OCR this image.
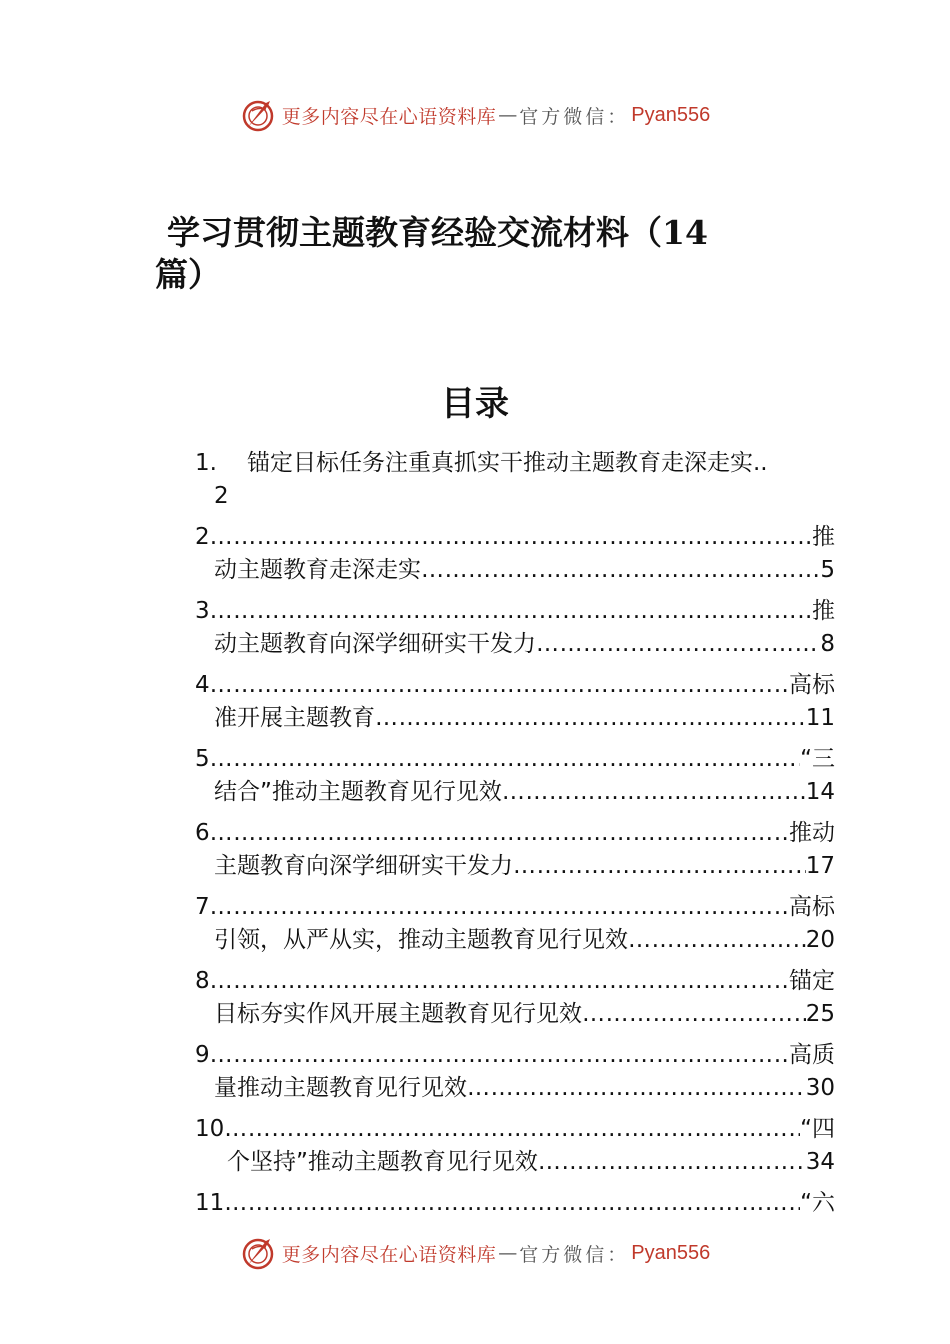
更多内容尽在心语资料库 — 官方微信： Pyan556
学习贯彻主题教育经验交流材料（14
篇）
目录
1. 锚定目标任务注重真抓实干推动主题教育走深走实..
2
2 ……………………………………………………………………………………………………………………………………………………………………………………	推
动主题教育走深走实 ……………………………………………………………………………………………………………………………………………………………………………………	5
3 ……………………………………………………………………………………………………………………………………………………………………………………	推
动主题教育向深学细研实干发力 ……………………………………………………………………………………………………………………………………………………………………………………	8
4 ……………………………………………………………………………………………………………………………………………………………………………………	高标
准开展主题教育 ……………………………………………………………………………………………………………………………………………………………………………………	11
5 ……………………………………………………………………………………………………………………………………………………………………………………	“三
结合”推动主题教育见行见效 ……………………………………………………………………………………………………………………………………………………………………………………	14
6 ……………………………………………………………………………………………………………………………………………………………………………………	推动
主题教育向深学细研实干发力 ……………………………………………………………………………………………………………………………………………………………………………………	17
7 ……………………………………………………………………………………………………………………………………………………………………………………	高标
引领，从严从实，推动主题教育见行见效 ……………………………………………………………………………………………………………………………………………………………………………………	20
8 ……………………………………………………………………………………………………………………………………………………………………………………	锚定
目标夯实作风开展主题教育见行见效 ……………………………………………………………………………………………………………………………………………………………………………………	25
9 ……………………………………………………………………………………………………………………………………………………………………………………	高质
量推动主题教育见行见效 ……………………………………………………………………………………………………………………………………………………………………………………	30
10 ……………………………………………………………………………………………………………………………………………………………………………………	“四
个坚持”推动主题教育见行见效 ……………………………………………………………………………………………………………………………………………………………………………………	34
11 ……………………………………………………………………………………………………………………………………………………………………………………	“六
更多内容尽在心语资料库 — 官方微信： Pyan556
